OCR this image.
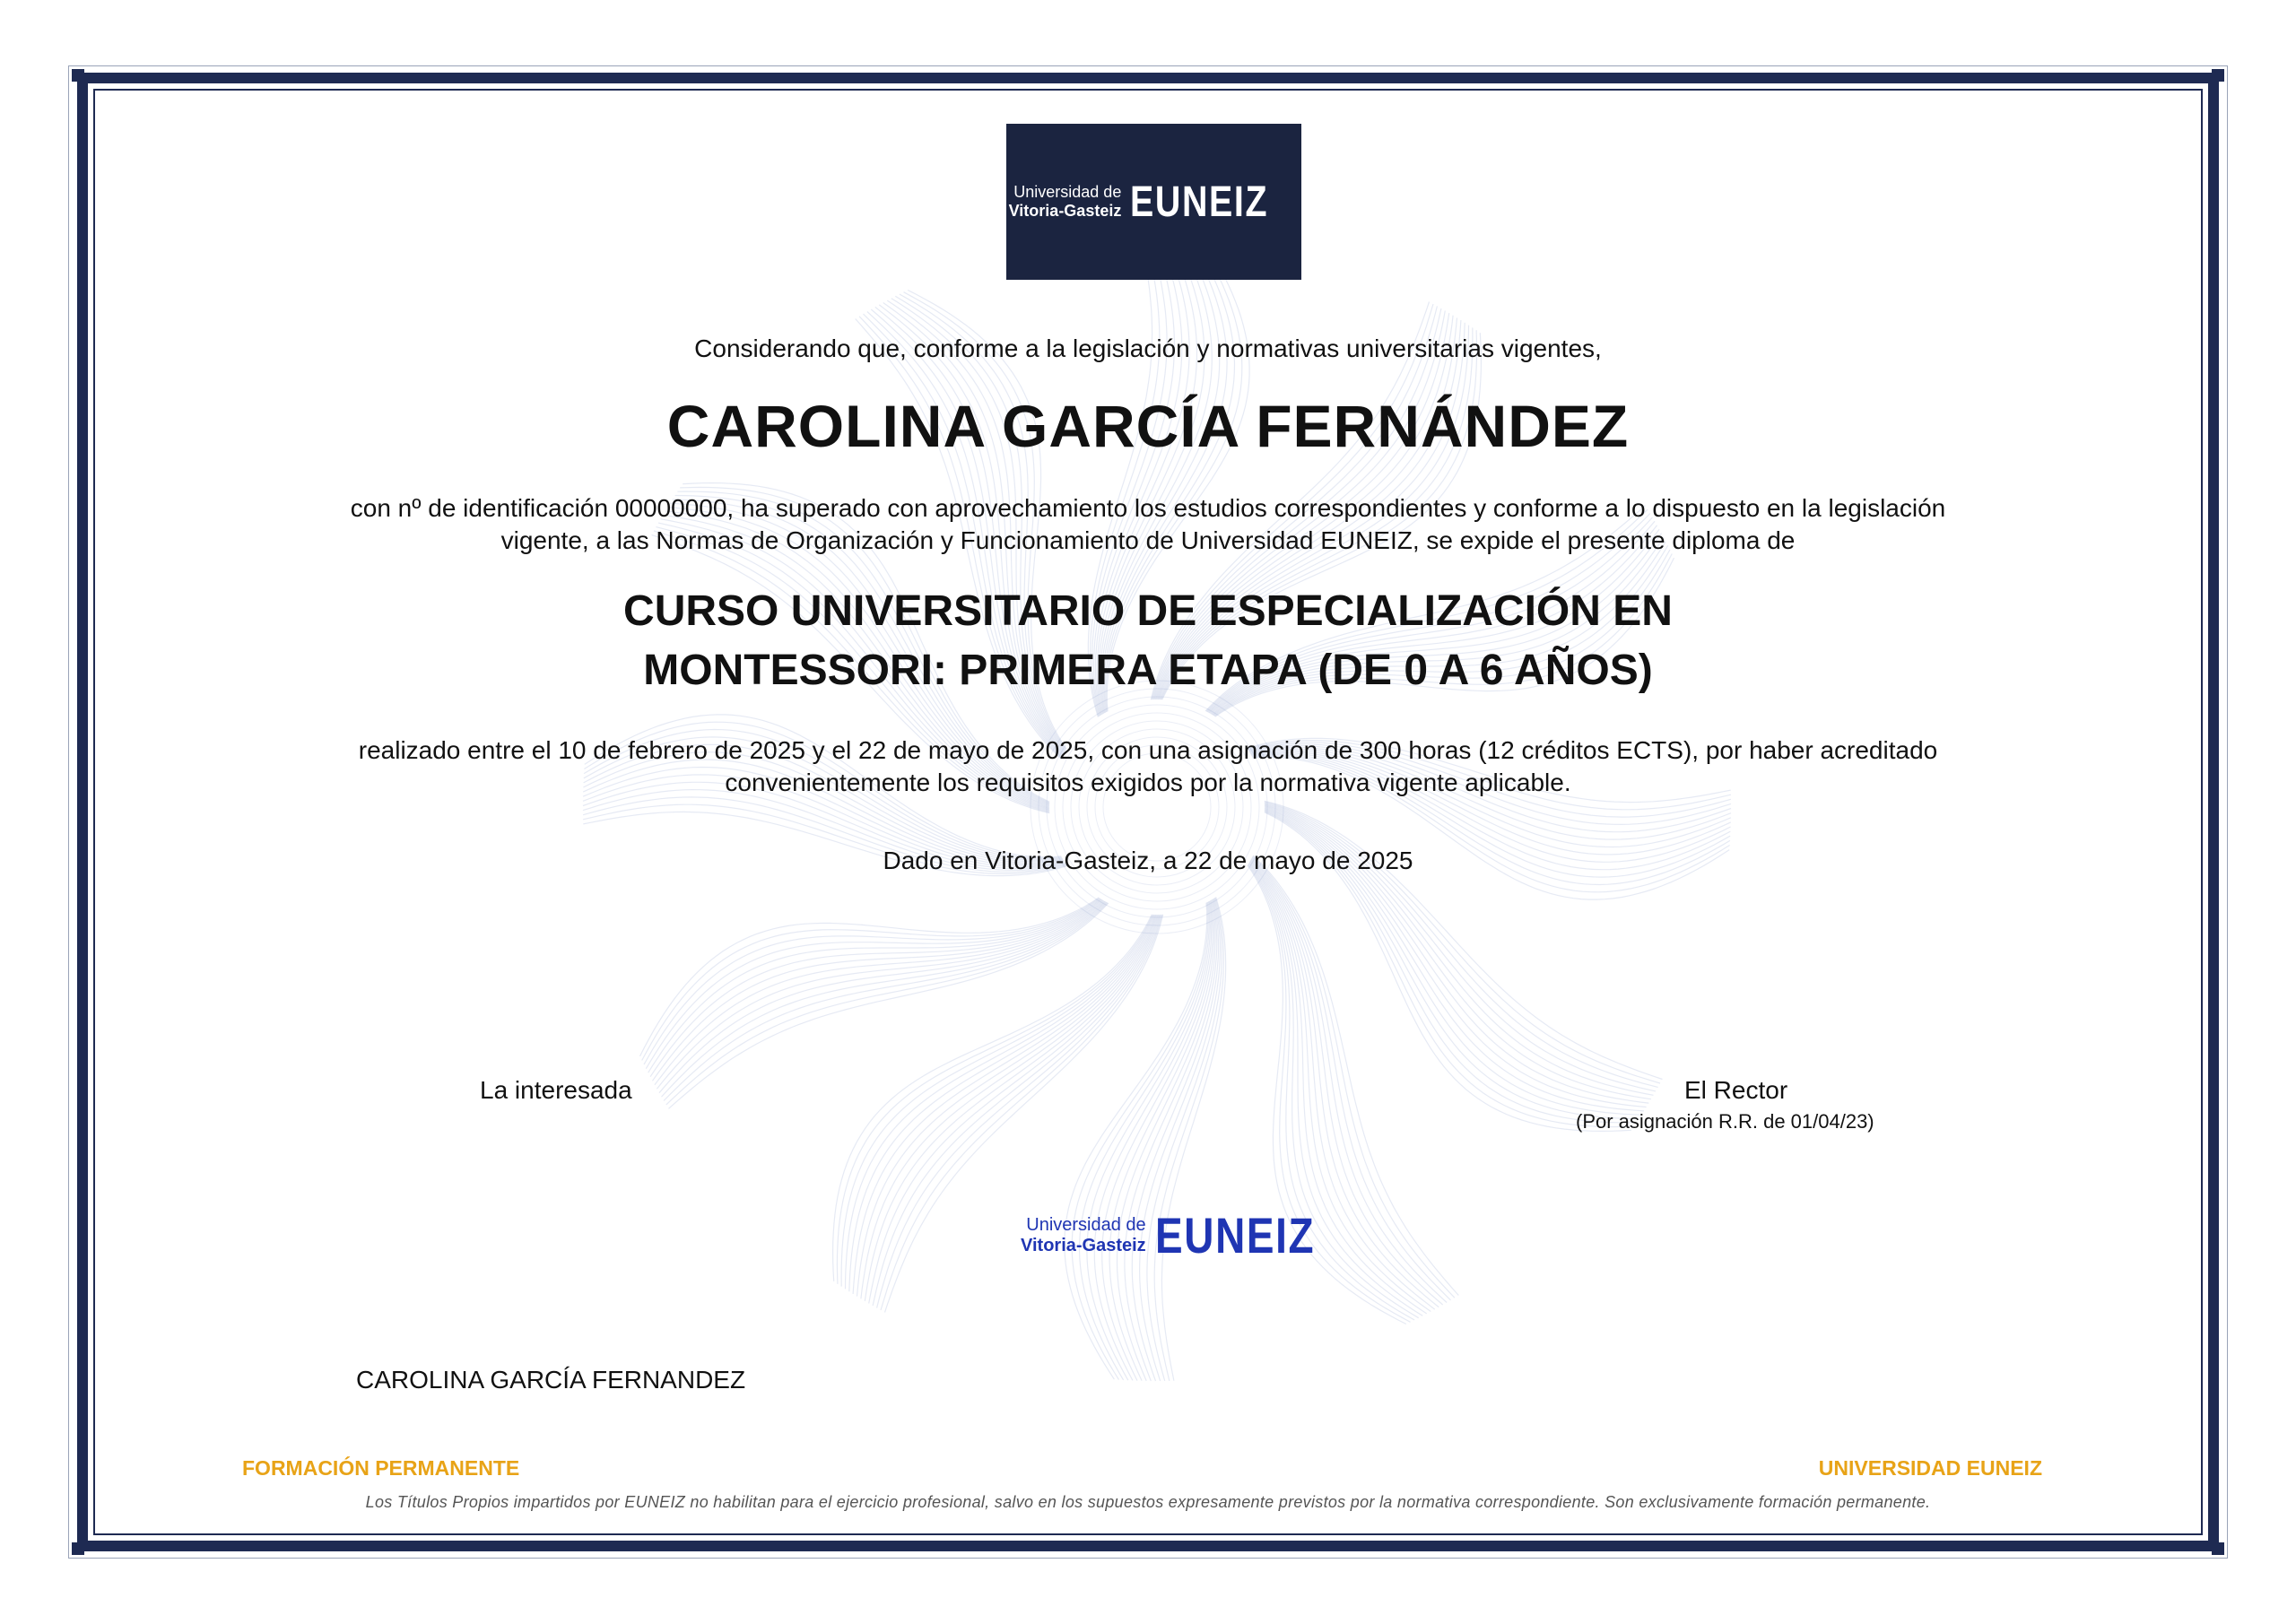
Universidad de
Vitoria-Gasteiz EUNEIZ
Considerando que, conforme a la legislación y normativas universitarias vigentes,
CAROLINA GARCÍA FERNÁNDEZ
con nº de identificación 00000000, ha superado con aprovechamiento los estudios correspondientes y conforme a lo dispuesto en la legislación
vigente, a las Normas de Organización y Funcionamiento de Universidad EUNEIZ, se expide el presente diploma de
CURSO UNIVERSITARIO DE ESPECIALIZACIÓN EN
MONTESSORI: PRIMERA ETAPA (DE 0 A 6 AÑOS)
realizado entre el 10 de febrero de 2025 y el 22 de mayo de 2025, con una asignación de 300 horas (12 créditos ECTS), por haber acreditado
convenientemente los requisitos exigidos por la normativa vigente aplicable.
Dado en Vitoria-Gasteiz, a 22 de mayo de 2025
La interesada	El Rector
(Por asignación R.R. de 01/04/23)
Universidad de
Vitoria-Gasteiz EUNEIZ
CAROLINA GARCÍA FERNANDEZ
FORMACIÓN PERMANENTE	UNIVERSIDAD EUNEIZ
Los Títulos Propios impartidos por EUNEIZ no habilitan para el ejercicio profesional, salvo en los supuestos expresamente previstos por la normativa correspondiente. Son exclusivamente formación permanente.
